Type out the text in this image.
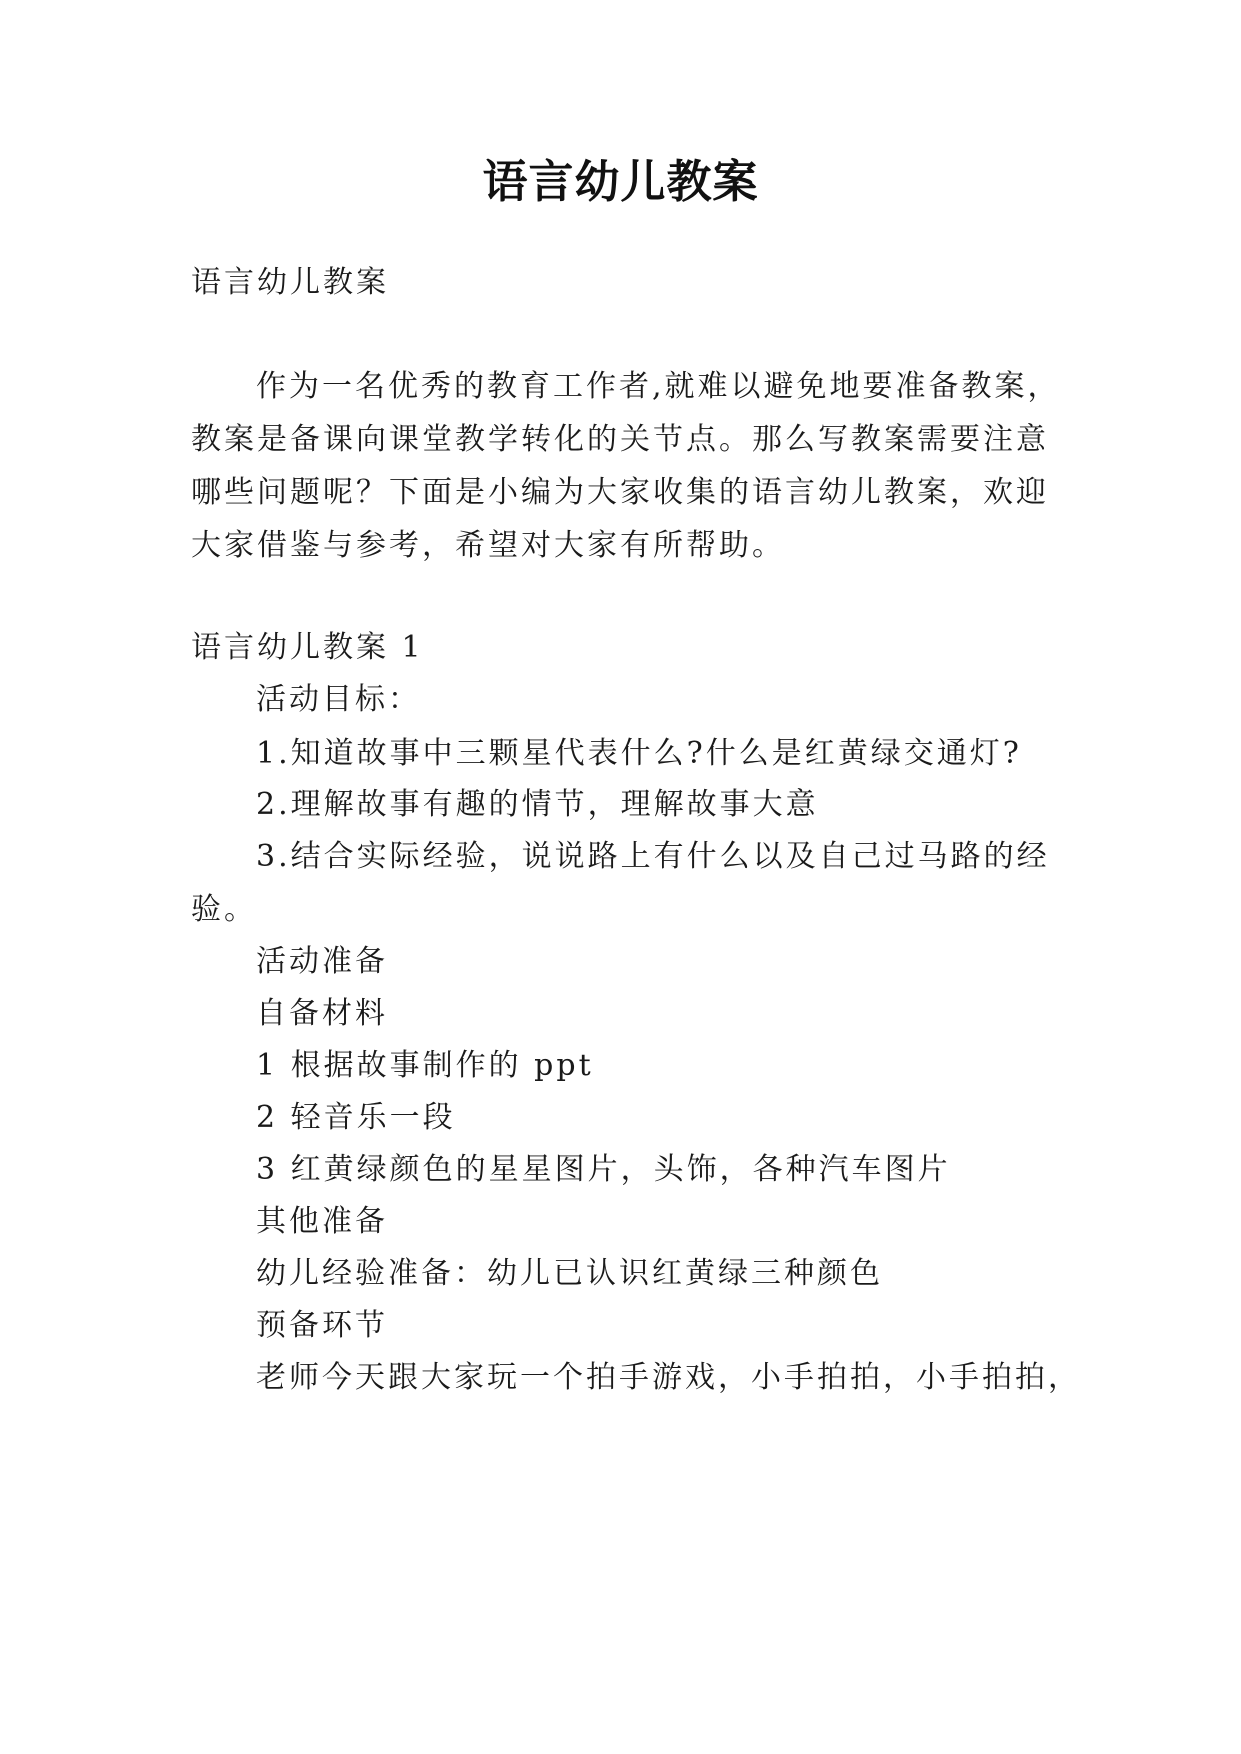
语言幼儿教案
语言幼儿教案
作为一名优秀的教育工作者,就难以避免地要准备教案，
教案是备课向课堂教学转化的关节点。那么写教案需要注意
哪些问题呢？下面是小编为大家收集的语言幼儿教案，欢迎
大家借鉴与参考，希望对大家有所帮助。
语言幼儿教案 1
活动目标：
1.知道故事中三颗星代表什么?什么是红黄绿交通灯?
2.理解故事有趣的情节，理解故事大意
3.结合实际经验，说说路上有什么以及自己过马路的经
验。
活动准备
自备材料
1 根据故事制作的 ppt
2 轻音乐一段
3 红黄绿颜色的星星图片，头饰，各种汽车图片
其他准备
幼儿经验准备：幼儿已认识红黄绿三种颜色
预备环节
老师今天跟大家玩一个拍手游戏，小手拍拍，小手拍拍，
